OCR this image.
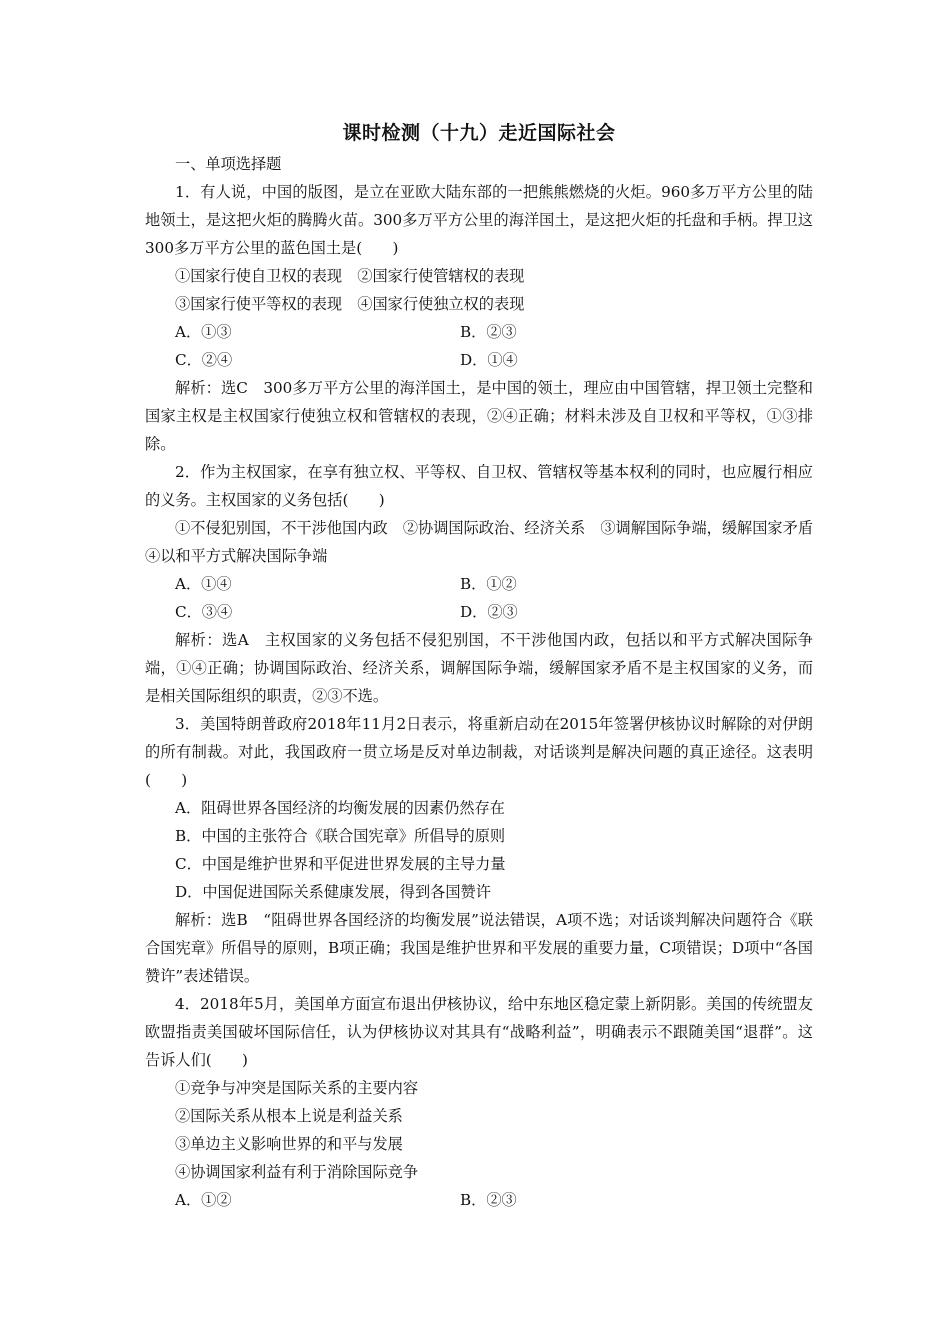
课时检测（十九）走近国际社会
一、单项选择题
1．有人说，中国的版图，是立在亚欧大陆东部的一把熊熊燃烧的火炬。960多万平方公里的陆地领土，是这把火炬的腾腾火苗。300多万平方公里的海洋国土，是这把火炬的托盘和手柄。捍卫这300多万平方公里的蓝色国土是(　　)
①国家行使自卫权的表现　②国家行使管辖权的表现
③国家行使平等权的表现　④国家行使独立权的表现
A．①③	B．②③
C．②④	D．①④
解析：选C　300多万平方公里的海洋国土，是中国的领土，理应由中国管辖，捍卫领土完整和国家主权是主权国家行使独立权和管辖权的表现，②④正确；材料未涉及自卫权和平等权，①③排除。
2．作为主权国家，在享有独立权、平等权、自卫权、管辖权等基本权利的同时，也应履行相应的义务。主权国家的义务包括(　　)
①不侵犯别国，不干涉他国内政　②协调国际政治、经济关系　③调解国际争端，缓解国家矛盾　④以和平方式解决国际争端
A．①④	B．①②
C．③④	D．②③
解析：选A　主权国家的义务包括不侵犯别国，不干涉他国内政，包括以和平方式解决国际争端，①④正确；协调国际政治、经济关系，调解国际争端，缓解国家矛盾不是主权国家的义务，而是相关国际组织的职责，②③不选。
3．美国特朗普政府2018年11月2日表示，将重新启动在2015年签署伊核协议时解除的对伊朗的所有制裁。对此，我国政府一贯立场是反对单边制裁，对话谈判是解决问题的真正途径。这表明(　　)
A．阻碍世界各国经济的均衡发展的因素仍然存在
B．中国的主张符合《联合国宪章》所倡导的原则
C．中国是维护世界和平促进世界发展的主导力量
D．中国促进国际关系健康发展，得到各国赞许
解析：选B　“阻碍世界各国经济的均衡发展”说法错误，A项不选；对话谈判解决问题符合《联合国宪章》所倡导的原则，B项正确；我国是维护世界和平发展的重要力量，C项错误；D项中“各国赞许”表述错误。
4．2018年5月，美国单方面宣布退出伊核协议，给中东地区稳定蒙上新阴影。美国的传统盟友欧盟指责美国破坏国际信任，认为伊核协议对其具有“战略利益”，明确表示不跟随美国“退群”。这告诉人们(　　)
①竞争与冲突是国际关系的主要内容
②国际关系从根本上说是利益关系
③单边主义影响世界的和平与发展
④协调国家利益有利于消除国际竞争
A．①②	B．②③
